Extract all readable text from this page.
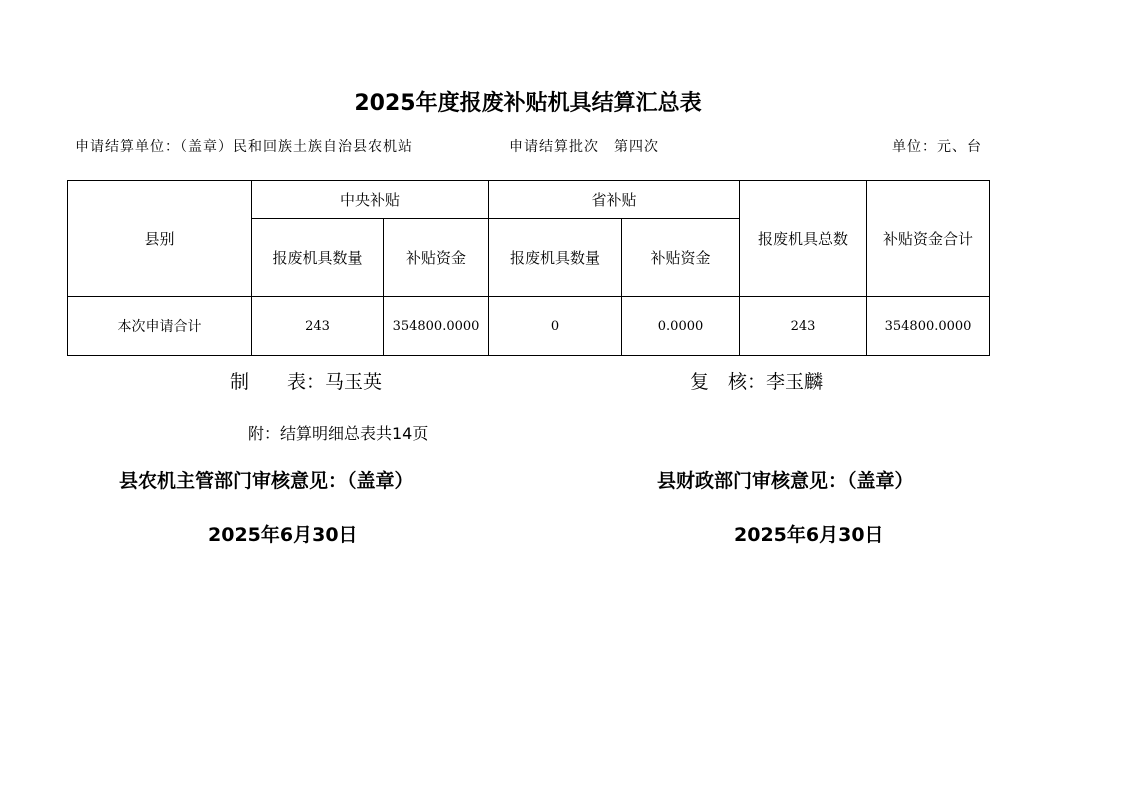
2025年度报废补贴机具结算汇总表
申请结算单位：（盖章）民和回族土族自治县农机站	申请结算批次　第四次	单位：元、台
县别	中央补贴		省补贴		报废机具总数	补贴资金合计
	报废机具数量	补贴资金	报废机具数量	补贴资金		
本次申请合计	243	354800.0000	0	0.0000	243	354800.0000
制　　表：马玉英	复　核：李玉麟
附：结算明细总表共14页
县农机主管部门审核意见：（盖章）	县财政部门审核意见：（盖章）
2025年6月30日	2025年6月30日
